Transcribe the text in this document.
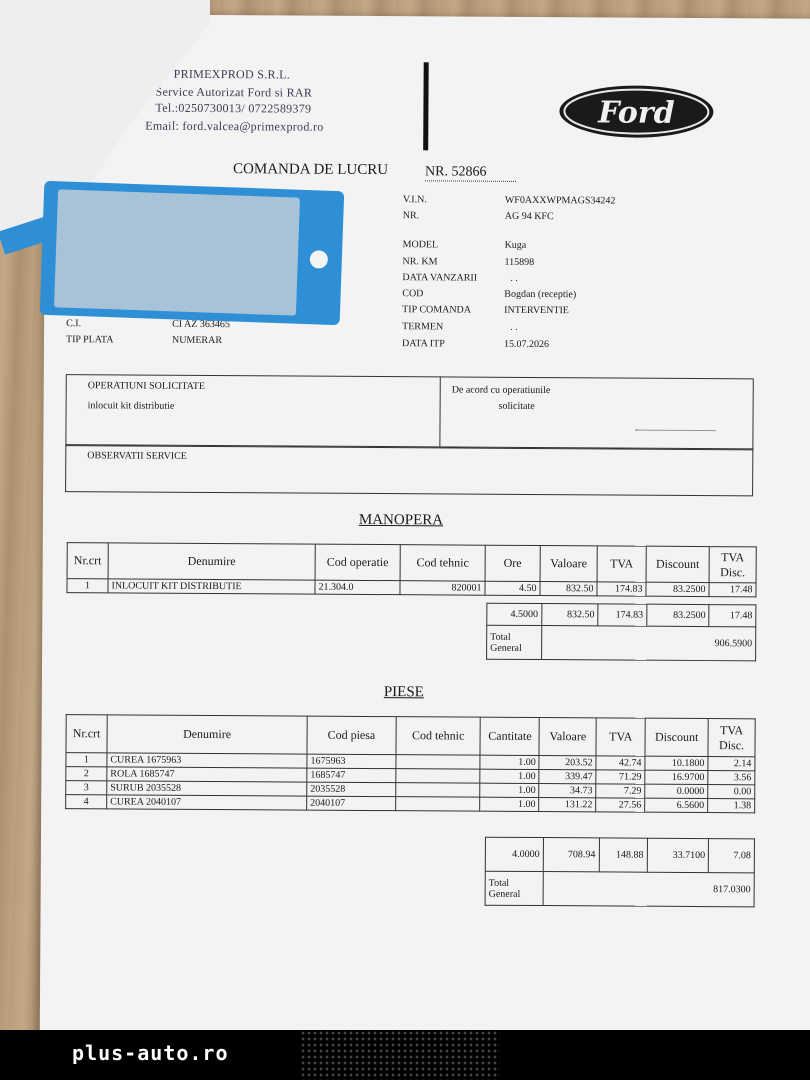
PRIMEXPROD S.R.L.
Service Autorizat Ford si RAR
Tel.:0250730013/ 0722589379
Email: ford.valcea@primexprod.ro	Ford
COMANDA DE LUCRU	NR. 52866
C.I.	CI AZ 363465
TIP PLATA	NUMERAR
V.I.N.	WF0AXXWPMAGS34242
NR.	AG 94 KFC
MODEL	Kuga
NR. KM	115898
DATA VANZARII	. .
COD	Bogdan (receptie)
TIP COMANDA	INTERVENTIE
TERMEN	. .
DATA ITP	15.07.2026
OPERATIUNI SOLICITATE
inlocuit kit distributie
De acord cu operatiunile
solicitate
OBSERVATII SERVICE
MANOPERA
Nr.crt	Denumire	Cod operatie	Cod tehnic	Ore	Valoare	TVA	Discount	TVA Disc.
1	INLOCUIT KIT DISTRIBUTIE	21.304.0	820001	4.50	832.50	174.83	83.2500	17.48
4.5000	832.50	174.83	83.2500	17.48
Total
General	906.5900			
PIESE
Nr.crt	Denumire	Cod piesa	Cod tehnic	Cantitate	Valoare	TVA	Discount	TVA Disc.
1	CUREA 1675963	1675963		1.00	203.52	42.74	10.1800	2.14
2	ROLA 1685747	1685747		1.00	339.47	71.29	16.9700	3.56
3	SURUB 2035528	2035528		1.00	34.73	7.29	0.0000	0.00
4	CUREA 2040107	2040107		1.00	131.22	27.56	6.5600	1.38
4.0000	708.94	148.88	33.7100	7.08
Total
General	817.0300			
plus-auto.ro
